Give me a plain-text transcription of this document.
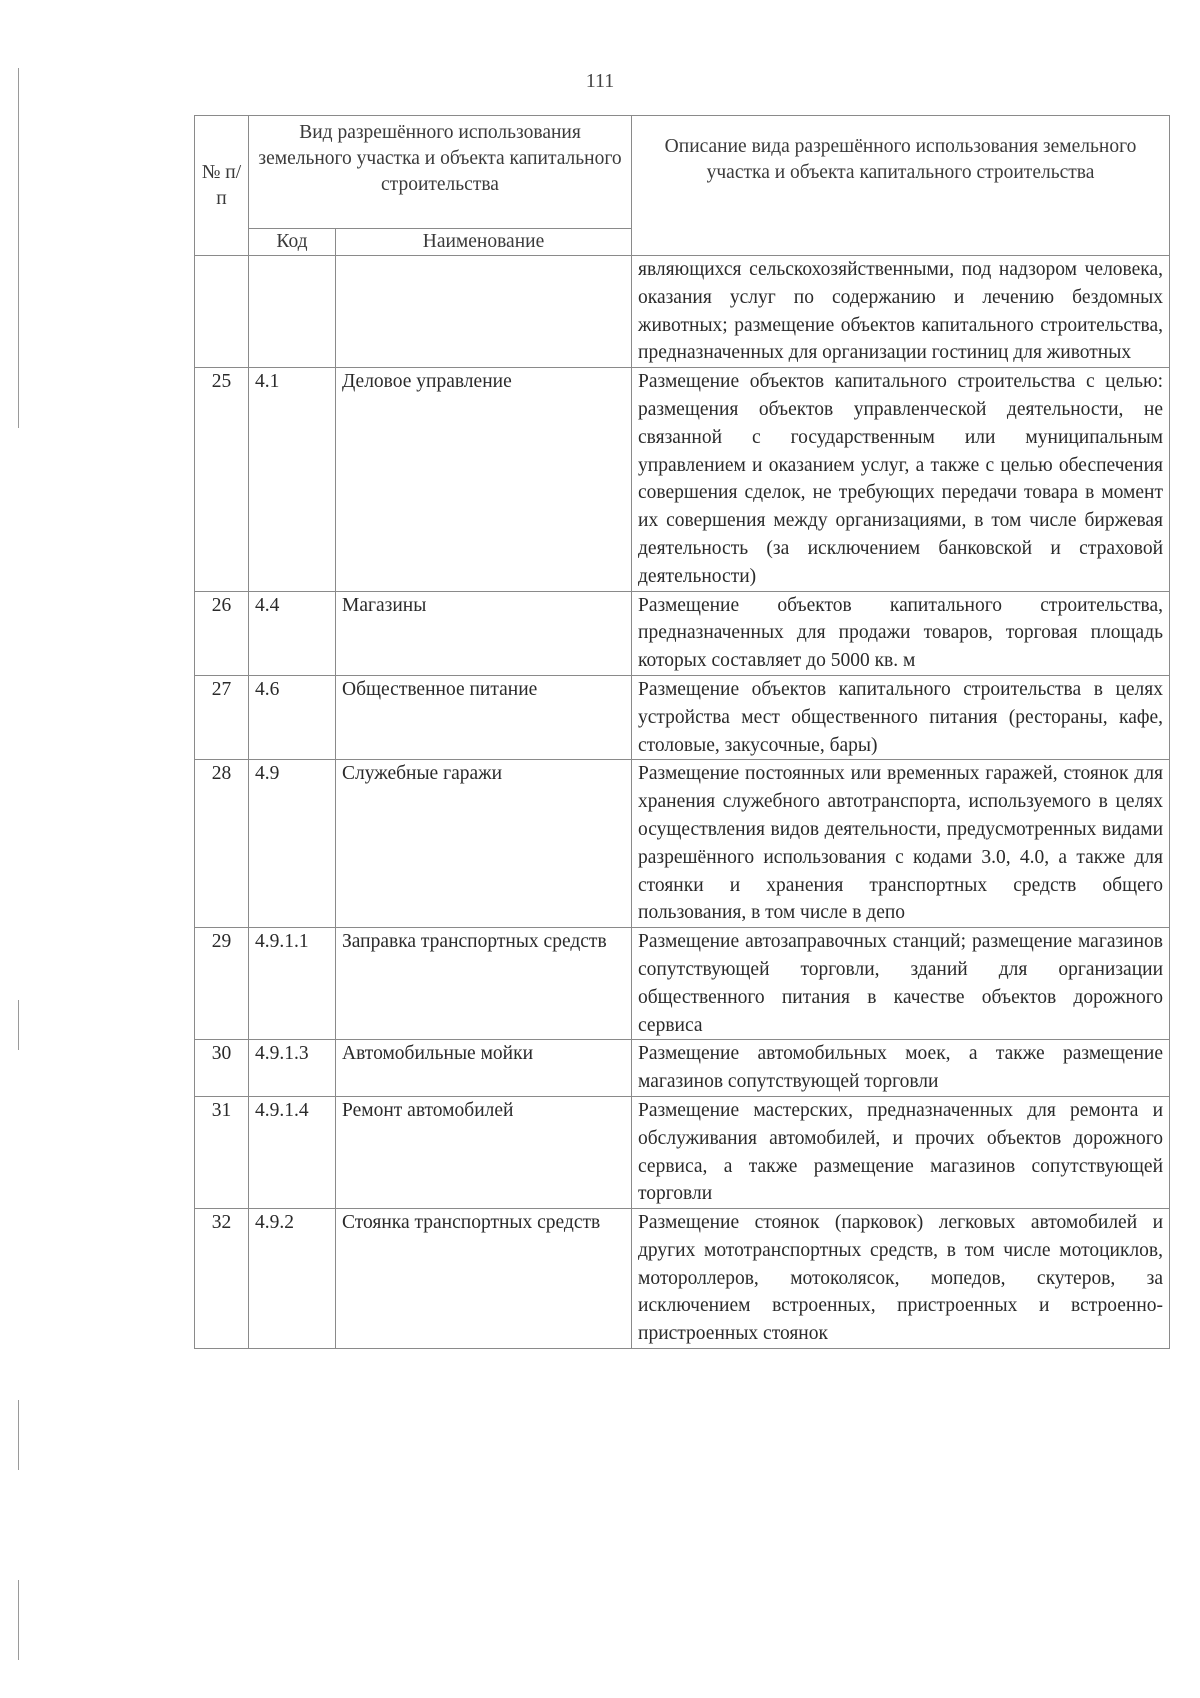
111
№ п/п	Вид разрешённого использования земельного участка и объекта капитального строительства		Описание вида разрешённого использования земельного участка и объекта капитального строительства
	Код	Наименование	
			являющихся сельскохозяйственными, под надзором человека, оказания услуг по содержанию и лечению бездомных животных; размещение объектов капитального строительства, предназначенных для организации гостиниц для животных
25	4.1	Деловое управление	Размещение объектов капитального строительства с целью: размещения объектов управленческой деятельности, не связанной с государственным или муниципальным управлением и оказанием услуг, а также с целью обеспечения совершения сделок, не требующих передачи товара в момент их совершения между организациями, в том числе биржевая деятельность (за исключением банковской и страховой деятельности)
26	4.4	Магазины	Размещение объектов капитального строительства, предназначенных для продажи товаров, торговая площадь которых составляет до 5000 кв. м
27	4.6	Общественное питание	Размещение объектов капитального строительства в целях устройства мест общественного питания (рестораны, кафе, столовые, закусочные, бары)
28	4.9	Служебные гаражи	Размещение постоянных или временных гаражей, стоянок для хранения служебного автотранспорта, используемого в целях осуществления видов деятельности, предусмотренных видами разрешённого использования с кодами 3.0, 4.0, а также для стоянки и хранения транспортных средств общего пользования, в том числе в депо
29	4.9.1.1	Заправка транспортных средств	Размещение автозаправочных станций; размещение магазинов сопутствующей торговли, зданий для организации общественного питания в качестве объектов дорожного сервиса
30	4.9.1.3	Автомобильные мойки	Размещение автомобильных моек, а также размещение магазинов сопутствующей торговли
31	4.9.1.4	Ремонт автомобилей	Размещение мастерских, предназначенных для ремонта и обслуживания автомобилей, и прочих объектов дорожного сервиса, а также размещение магазинов сопутствующей торговли
32	4.9.2	Стоянка транспортных средств	Размещение стоянок (парковок) легковых автомобилей и других мототранспортных средств, в том числе мотоциклов, мотороллеров, мотоколясок, мопедов, скутеров, за исключением встроенных, пристроенных и встроенно-пристроенных стоянок
